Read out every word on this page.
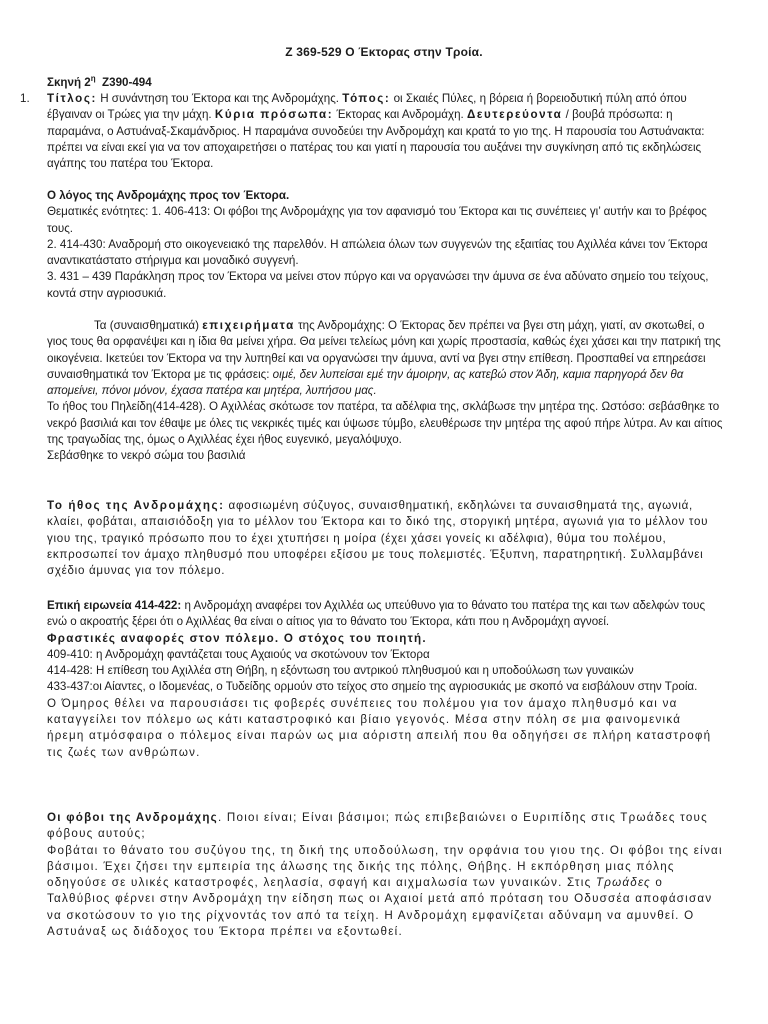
Ζ 369-529 Ο Έκτορας στην Τροία.
Σκηνή $2^\eta$ Ζ390-494
1. Τίτλος: Η συνάντηση του Έκτορα και της Ανδρομάχης. Τόπος: οι Σκαιές Πύλες, η βόρεια ή βορειοδυτική πύλη από όπου έβγαιναν οι Τρώες για την μάχη. Κύρια πρόσωπα: Έκτορας και Ανδρομάχη. Δευτερεύοντα / βουβά πρόσωπα: η παραμάνα, ο Αστυάναξ-Σκαμάνδριος. Η παραμάνα συνοδεύει την Ανδρομάχη και κρατά το γιο της. Η παρουσία του Αστυάνακτα: πρέπει να είναι εκεί για να τον αποχαιρετήσει ο πατέρας του και γιατί η παρουσία του αυξάνει την συγκίνηση από τις εκδηλώσεις αγάπης του πατέρα του Έκτορα.

Ο λόγος της Ανδρομάχης προς τον Έκτορα.

Θεματικές ενότητες: 1. 406-413: Οι φόβοι της Ανδρομάχης για τον αφανισμό του Έκτορα και τις συνέπειες γι’ αυτήν και το βρέφος τους.

2. 414-430: Αναδρομή στο οικογενειακό της παρελθόν. Η απώλεια όλων των συγγενών της εξαιτίας του Αχιλλέα κάνει τον Έκτορα αναντικατάστατο στήριγμα και μοναδικό συγγενή.

3. 431 – 439 Παράκληση προς τον Έκτορα να μείνει στον πύργο και να οργανώσει την άμυνα σε ένα αδύνατο σημείο του τείχους, κοντά στην αγριοσυκιά.

Τα (συναισθηματικά) επιχειρήματα της Ανδρομάχης: Ο Έκτορας δεν πρέπει να βγει στη μάχη, γιατί, αν σκοτωθεί, ο γιος τους θα ορφανέψει και η ίδια θα μείνει χήρα. Θα μείνει τελείως μόνη και χωρίς προστασία, καθώς έχει χάσει και την πατρική της οικογένεια. Ικετεύει τον Έκτορα να την λυπηθεί και να οργανώσει την άμυνα, αντί να βγει στην επίθεση. Προσπαθεί να επηρεάσει συναισθηματικά τον Έκτορα με τις φράσεις: οιμέ, δεν λυπείσαι εμέ την άμοιρην, ας κατεβώ στον Άδη, καμια παρηγορά δεν θα απομείνει, πόνοι μόνον, έχασα πατέρα και μητέρα, λυπήσου μας.

Το ήθος του Πηλείδη(414-428). Ο Αχιλλέας σκότωσε τον πατέρα, τα αδέλφια της, σκλάβωσε την μητέρα της. Ωστόσο: σεβάσθηκε το νεκρό βασιλιά και τον έθαψε με όλες τις νεκρικές τιμές και ύψωσε τύμβο, ελευθέρωσε την μητέρα της αφού πήρε λύτρα. Αν και αίτιος της τραγωδίας της, όμως ο Αχιλλέας έχει ήθος ευγενικό, μεγαλόψυχο.

Σεβάσθηκε το νεκρό σώμα του βασιλιά

Το ήθος της Ανδρομάχης: αφοσιωμένη σύζυγος, συναισθηματική, εκδηλώνει τα συναισθηματά της, αγωνιά, κλαίει, φοβάται, απαισιόδοξη για το μέλλον του Έκτορα και το δικό της, στοργική μητέρα, αγωνιά για το μέλλον του γιου της, τραγικό πρόσωπο που το έχει χτυπήσει η μοίρα (έχει χάσει γονείς κι αδέλφια), θύμα του πολέμου, εκπροσωπεί τον άμαχο πληθυσμό που υποφέρει εξίσου με τους πολεμιστές. Έξυπνη, παρατηρητική. Συλλαμβάνει σχέδιο άμυνας για τον πόλεμο.

Επική ειρωνεία 414-422: η Ανδρομάχη αναφέρει τον Αχιλλέα ως υπεύθυνο για το θάνατο του πατέρα της και των αδελφών τους ενώ ο ακροατής ξέρει ότι ο Αχιλλέας θα είναι ο αίτιος για το θάνατο του Έκτορα, κάτι που η Ανδρομάχη αγνοεί.

Φραστικές αναφορές στον πόλεμο. Ο στόχος του ποιητή.

409-410: η Ανδρομάχη φαντάζεται τους Αχαιούς να σκοτώνουν τον Έκτορα

414-428: Η επίθεση του Αχιλλέα στη Θήβη, η εξόντωση του αντρικού πληθυσμού και η υποδούλωση των γυναικών

433-437:οι Αίαντες, ο Ιδομενέας, ο Τυδείδης ορμούν στο τείχος στο σημείο της αγριοσυκιάς με σκοπό να εισβάλουν στην Τροία.

Ο Όμηρος θέλει να παρουσιάσει τις φοβερές συνέπειες του πολέμου για τον άμαχο πληθυσμό και να καταγγείλει τον πόλεμο ως κάτι καταστροφικό και βίαιο γεγονός. Μέσα στην πόλη σε μια φαινομενικά ήρεμη ατμόσφαιρα ο πόλεμος είναι παρών ως μια αόριστη απειλή που θα οδηγήσει σε πλήρη καταστροφή τις ζωές των ανθρώπων.

Οι φόβοι της Ανδρομάχης. Ποιοι είναι; Είναι βάσιμοι; πώς επιβεβαιώνει ο Ευριπίδης στις Τρωάδες τους φόβους αυτούς;

Φοβάται το θάνατο του συζύγου της, τη δική της υποδούλωση, την ορφάνια του γιου της. Οι φόβοι της είναι βάσιμοι. Έχει ζήσει την εμπειρία της άλωσης της δικής της πόλης, Θήβης. Η εκπόρθηση μιας πόλης οδηγούσε σε υλικές καταστροφές, λεηλασία, σφαγή και αιχμαλωσία των γυναικών. Στις Τρωάδες ο Ταλθύβιος φέρνει στην Ανδρομάχη την είδηση πως οι Αχαιοί μετά από πρόταση του Οδυσσέα αποφάσισαν να σκοτώσουν το γιο της ρίχνοντάς τον από τα τείχη. Η Ανδρομάχη εμφανίζεται αδύναμη να αμυνθεί. Ο Αστυάναξ ως διάδοχος του Έκτορα πρέπει να εξοντωθεί.
